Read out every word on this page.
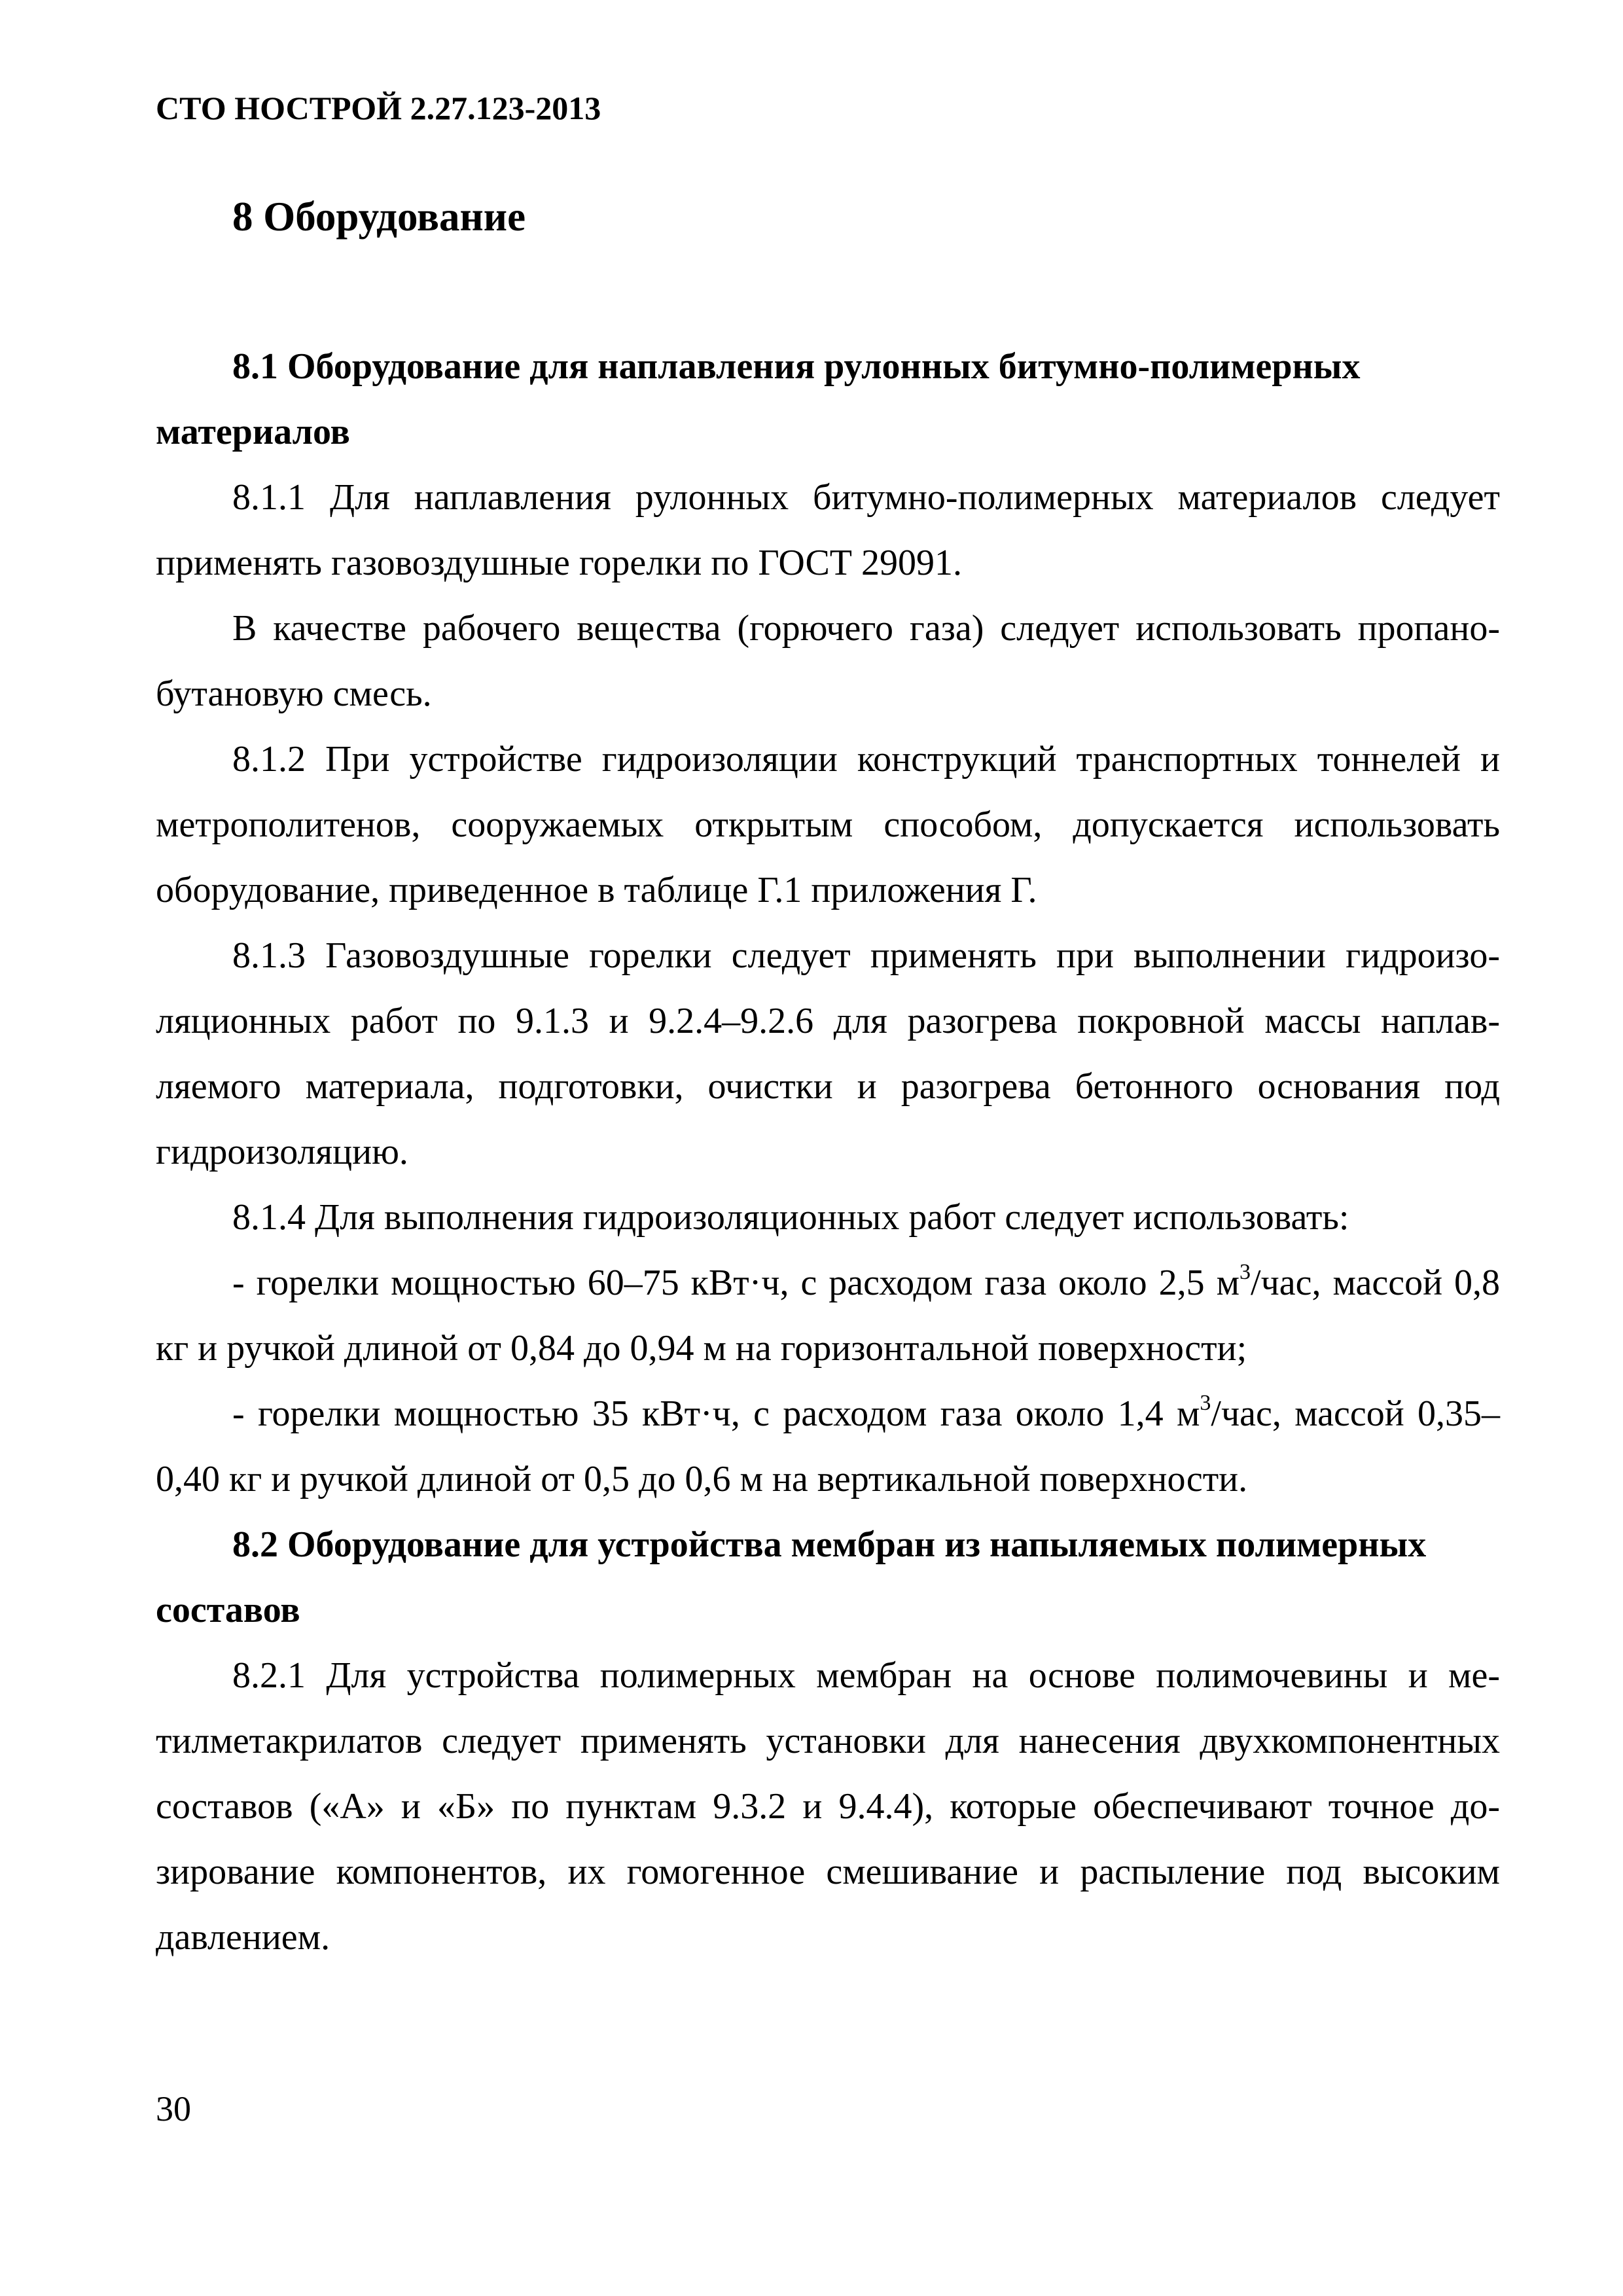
СТО НОСТРОЙ 2.27.123-2013
8 Оборудование

8.1 Оборудование для наплавления рулонных битумно-полимерных материалов

8.1.1 Для наплавления рулонных битумно-полимерных материалов следует применять газовоздушные горелки по ГОСТ 29091.

В качестве рабочего вещества (горючего газа) следует использовать пропано-бутановую смесь.

8.1.2 При устройстве гидроизоляции конструкций транспортных тоннелей и метрополитенов, сооружаемых открытым способом, допускается использовать оборудование, приведенное в таблице Г.1 приложения Г.

8.1.3 Газовоздушные горелки следует применять при выполнении гидроизо-ляционных работ по 9.1.3 и 9.2.4–9.2.6 для разогрева покровной массы наплав-ляемого материала, подготовки, очистки и разогрева бетонного основания под гидроизоляцию.

8.1.4 Для выполнения гидроизоляционных работ следует использовать:

- горелки мощностью 60–75 кВт·ч, с расходом газа около 2,5 $м^3$/час, массой 0,8 кг и ручкой длиной от 0,84 до 0,94 м на горизонтальной поверхности;

- горелки мощностью 35 кВт·ч, с расходом газа около 1,4 $м^3$/час, массой 0,35–0,40 кг и ручкой длиной от 0,5 до 0,6 м на вертикальной поверхности.

8.2 Оборудование для устройства мембран из напыляемых полимерных составов

8.2.1 Для устройства полимерных мембран на основе полимочевины и ме-тилметакрилатов следует применять установки для нанесения двухкомпонентных составов («А» и «Б» по пунктам 9.3.2 и 9.4.4), которые обеспечивают точное до-зирование компонентов, их гомогенное смешивание и распыление под высоким давлением.

30
